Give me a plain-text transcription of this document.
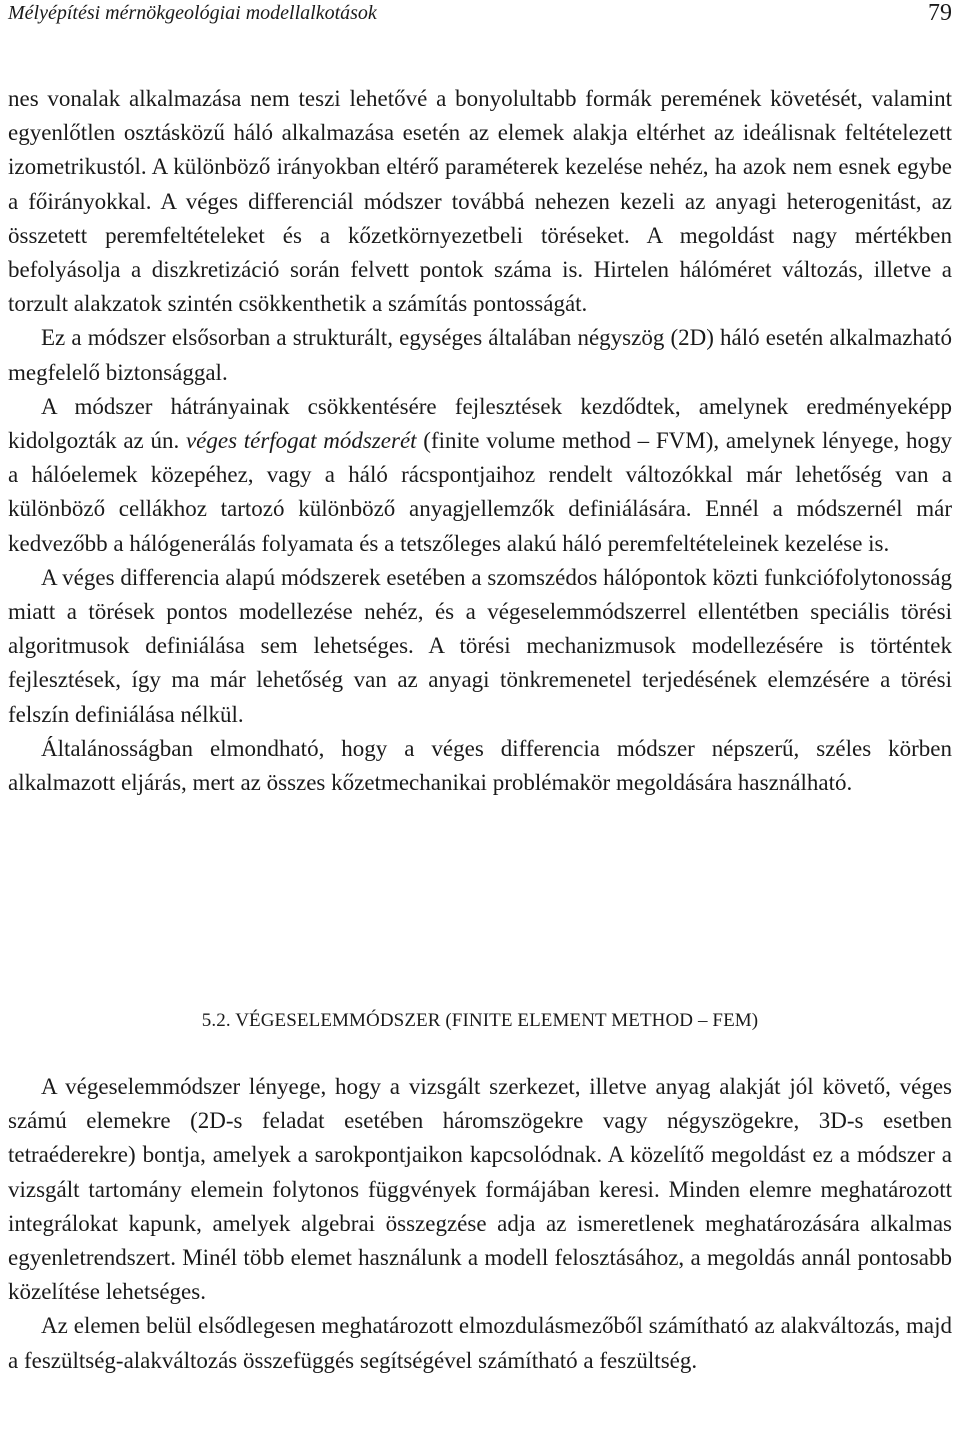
Mélyépítési mérnökgeológiai modellalkotások	79

nes vonalak alkalmazása nem teszi lehetővé a bonyolultabb formák peremének követését, valamint egyenlőtlen osztásközű háló alkalmazása esetén az elemek alakja eltérhet az ideálisnak feltételezett izometrikustól. A különböző irányokban eltérő paraméterek kezelése nehéz, ha azok nem esnek egybe a főirányokkal. A véges differenciál módszer továbbá nehezen kezeli az anyagi heterogenitást, az összetett peremfeltételeket és a kőzetkörnyezetbeli töréseket. A megoldást nagy mértékben befolyásolja a diszkretizáció során felvett pontok száma is. Hirtelen hálóméret változás, illetve a torzult alakzatok szintén csökkenthetik a számítás pontosságát.

Ez a módszer elsősorban a strukturált, egységes általában négyszög (2D) háló esetén alkalmazható megfelelő biztonsággal.

A módszer hátrányainak csökkentésére fejlesztések kezdődtek, amelynek eredményeképp kidolgozták az ún. véges térfogat módszerét (finite volume method – FVM), amelynek lényege, hogy a hálóelemek közepéhez, vagy a háló rácspontjaihoz rendelt változókkal már lehetőség van a különböző cellákhoz tartozó különböző anyagjellemzők definiálására. Ennél a módszernél már kedvezőbb a hálógenerálás folyamata és a tetszőleges alakú háló peremfeltételeinek kezelése is.

A véges differencia alapú módszerek esetében a szomszédos hálópontok közti funkciófolytonosság miatt a törések pontos modellezése nehéz, és a végeselemmódszerrel ellentétben speciális törési algoritmusok definiálása sem lehetséges. A törési mechanizmusok modellezésére is történtek fejlesztések, így ma már lehetőség van az anyagi tönkremenetel terjedésének elemzésére a törési felszín definiálása nélkül.

Általánosságban elmondható, hogy a véges differencia módszer népszerű, széles körben alkalmazott eljárás, mert az összes kőzetmechanikai problémakör megoldására használható.

5.2. VÉGESELEMMÓDSZER (FINITE ELEMENT METHOD – FEM)

A végeselemmódszer lényege, hogy a vizsgált szerkezet, illetve anyag alakját jól követő, véges számú elemekre (2D-s feladat esetében háromszögekre vagy négyszögekre, 3D-s esetben tetraéderekre) bontja, amelyek a sarokpontjaikon kapcsolódnak. A közelítő megoldást ez a módszer a vizsgált tartomány elemein folytonos függvények formájában keresi. Minden elemre meghatározott integrálokat kapunk, amelyek algebrai összegzése adja az ismeretlenek meghatározására alkalmas egyenletrendszert. Minél több elemet használunk a modell felosztásához, a megoldás annál pontosabb közelítése lehetséges.

Az elemen belül elsődlegesen meghatározott elmozdulásmezőből számítható az alakváltozás, majd a feszültség-alakváltozás összefüggés segítségével számítható a feszültség.
